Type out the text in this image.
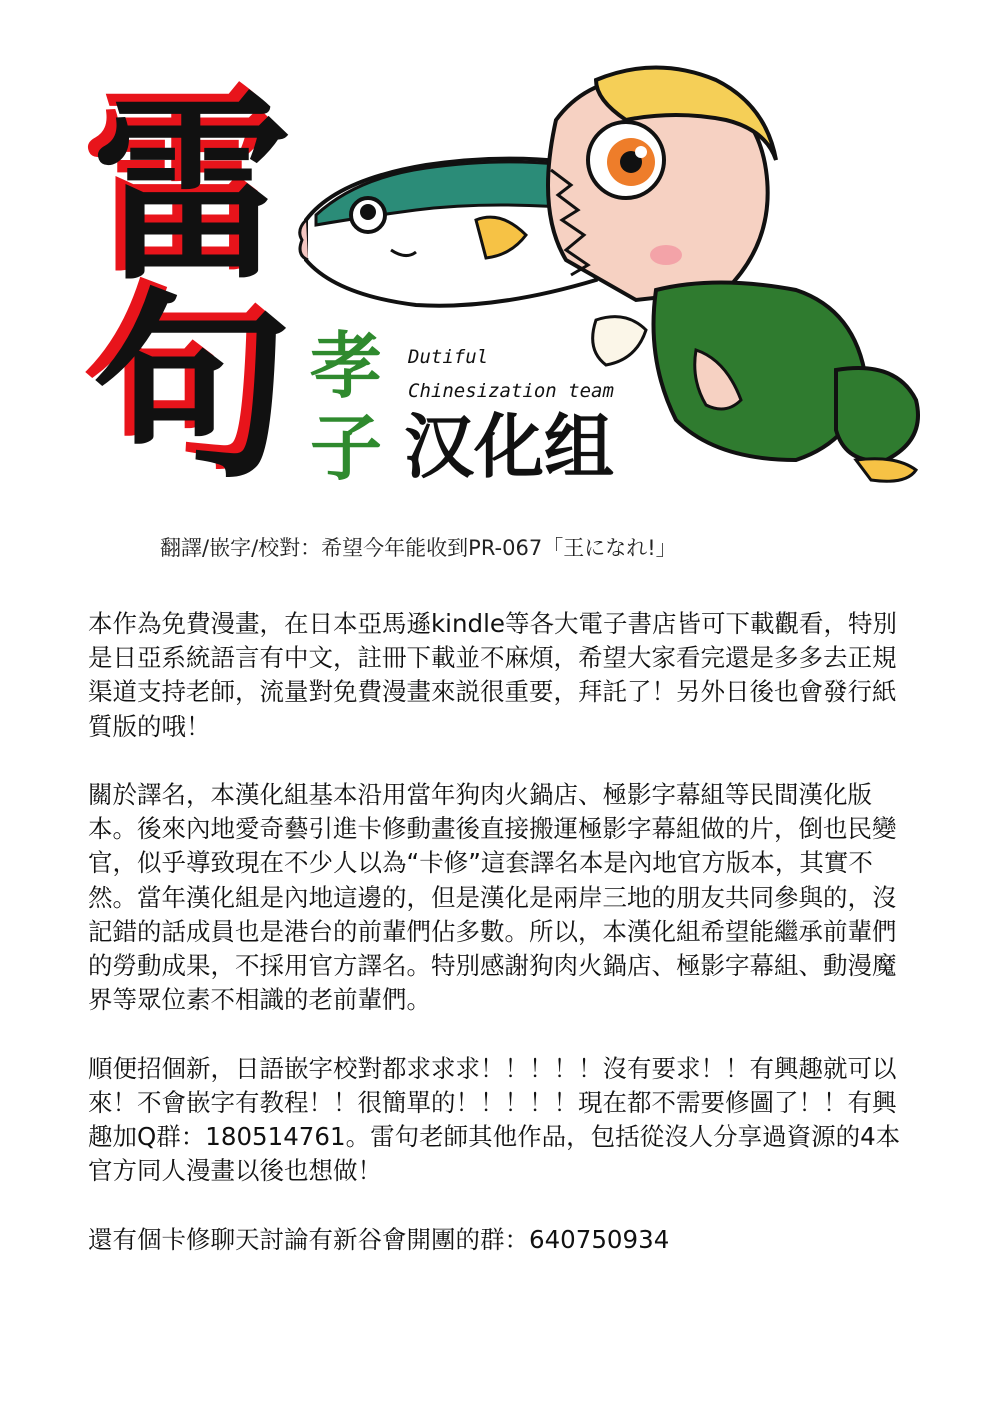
雷
句 孝
子
Dutiful
Chinesization team
汉化组
翻譯/嵌字/校對：希望今年能收到PR-067「王になれ!」

本作為免費漫畫，在日本亞馬遜kindle等各大電子書店皆可下載觀看，特別是日亞系統語言有中文，註冊下載並不麻煩，希望大家看完還是多多去正規渠道支持老師，流量對免費漫畫來説很重要，拜託了！另外日後也會發行紙質版的哦！

關於譯名，本漢化組基本沿用當年狗肉火鍋店、極影字幕組等民間漢化版本。後來內地愛奇藝引進卡修動畫後直接搬運極影字幕組做的片，倒也民變官，似乎導致現在不少人以為“卡修”這套譯名本是內地官方版本，其實不然。當年漢化組是內地這邊的，但是漢化是兩岸三地的朋友共同參與的，沒記錯的話成員也是港台的前輩們佔多數。所以，本漢化組希望能繼承前輩們的勞動成果，不採用官方譯名。特別感謝狗肉火鍋店、極影字幕組、動漫魔界等眾位素不相識的老前輩們。

順便招個新，日語嵌字校對都求求求！！！！！沒有要求！！有興趣就可以來！不會嵌字有教程！！很簡單的！！！！！現在都不需要修圖了！！有興趣加Q群：180514761。雷句老師其他作品，包括從沒人分享過資源的4本官方同人漫畫以後也想做！

還有個卡修聊天討論有新谷會開團的群：640750934
